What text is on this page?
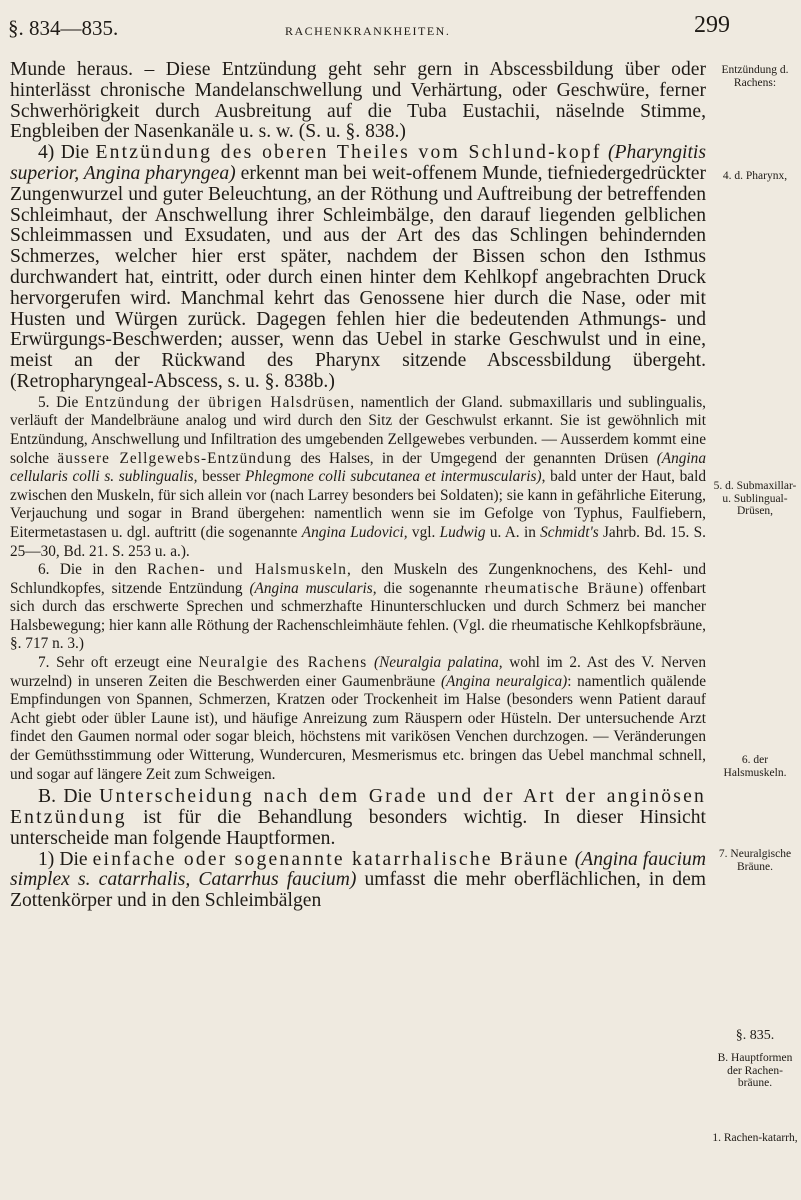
§. 834—835.	RACHENKRANKHEITEN.	299

Munde heraus. – Diese Entzündung geht sehr gern in Abscessbildung über oder hinterlässt chronische Mandelanschwellung und Verhärtung, oder Geschwüre, ferner Schwerhörigkeit durch Ausbreitung auf die Tuba Eustachii, näselnde Stimme, Engbleiben der Nasenkanäle u. s. w. (S. u. §. 838.)

4) Die Entzündung des oberen Theiles vom Schlund-kopf (Pharyngitis superior, Angina pharyngea) erkennt man bei weit-offenem Munde, tiefniedergedrückter Zungenwurzel und guter Beleuchtung, an der Röthung und Auftreibung der betreffenden Schleimhaut, der Anschwellung ihrer Schleimbälge, den darauf liegenden gelblichen Schleimmassen und Exsudaten, und aus der Art des das Schlingen behindernden Schmerzes, welcher hier erst später, nachdem der Bissen schon den Isthmus durchwandert hat, eintritt, oder durch einen hinter dem Kehlkopf angebrachten Druck hervorgerufen wird. Manchmal kehrt das Genossene hier durch die Nase, oder mit Husten und Würgen zurück. Dagegen fehlen hier die bedeutenden Athmungs- und Erwürgungs-Beschwerden; ausser, wenn das Uebel in starke Geschwulst und in eine, meist an der Rückwand des Pharynx sitzende Abscessbildung übergeht. (Retropharyngeal-Abscess, s. u. §. 838b.)

5. Die Entzündung der übrigen Halsdrüsen, namentlich der Gland. submaxillaris und sublingualis, verläuft der Mandelbräune analog und wird durch den Sitz der Geschwulst erkannt. Sie ist gewöhnlich mit Entzündung, Anschwellung und Infiltration des umgebenden Zellgewebes verbunden. — Ausserdem kommt eine solche äussere Zellgewebs-Entzündung des Halses, in der Umgegend der genannten Drüsen (Angina cellularis colli s. sublingualis, besser Phlegmone colli subcutanea et intermuscularis), bald unter der Haut, bald zwischen den Muskeln, für sich allein vor (nach Larrey besonders bei Soldaten); sie kann in gefährliche Eiterung, Verjauchung und sogar in Brand übergehen: namentlich wenn sie im Gefolge von Typhus, Faulfiebern, Eitermetastasen u. dgl. auftritt (die sogenannte Angina Ludovici, vgl. Ludwig u. A. in Schmidt's Jahrb. Bd. 15. S. 25—30, Bd. 21. S. 253 u. a.).

6. Die in den Rachen- und Halsmuskeln, den Muskeln des Zungenknochens, des Kehl- und Schlundkopfes, sitzende Entzündung (Angina muscularis, die sogenannte rheumatische Bräune) offenbart sich durch das erschwerte Sprechen und schmerzhafte Hinunterschlucken und durch Schmerz bei mancher Halsbewegung; hier kann alle Röthung der Rachenschleimhäute fehlen. (Vgl. die rheumatische Kehlkopfsbräune, §. 717 n. 3.)

7. Sehr oft erzeugt eine Neuralgie des Rachens (Neuralgia palatina, wohl im 2. Ast des V. Nerven wurzelnd) in unseren Zeiten die Beschwerden einer Gaumenbräune (Angina neuralgica): namentlich quälende Empfindungen von Spannen, Schmerzen, Kratzen oder Trockenheit im Halse (besonders wenn Patient darauf Acht giebt oder übler Laune ist), und häufige Anreizung zum Räuspern oder Hüsteln. Der untersuchende Arzt findet den Gaumen normal oder sogar bleich, höchstens mit varikösen Venchen durchzogen. — Veränderungen der Gemüthsstimmung oder Witterung, Wundercuren, Mesmerismus etc. bringen das Uebel manchmal schnell, und sogar auf längere Zeit zum Schweigen.

B. Die Unterscheidung nach dem Grade und der Art der anginösen Entzündung ist für die Behandlung besonders wichtig. In dieser Hinsicht unterscheide man folgende Hauptformen.

1) Die einfache oder sogenannte katarrhalische Bräune (Angina faucium simplex s. catarrhalis, Catarrhus faucium) umfasst die mehr oberflächlichen, in dem Zottenkörper und in den Schleimbälgen

Entzündung d. Rachens:
4. d. Pharynx,
5. d. Submaxillar- u. Sublingual-Drüsen,
6. der Halsmuskeln.
7. Neuralgische Bräune.
§. 835.
B. Hauptformen der Rachen-bräune.
1. Rachen-katarrh,
